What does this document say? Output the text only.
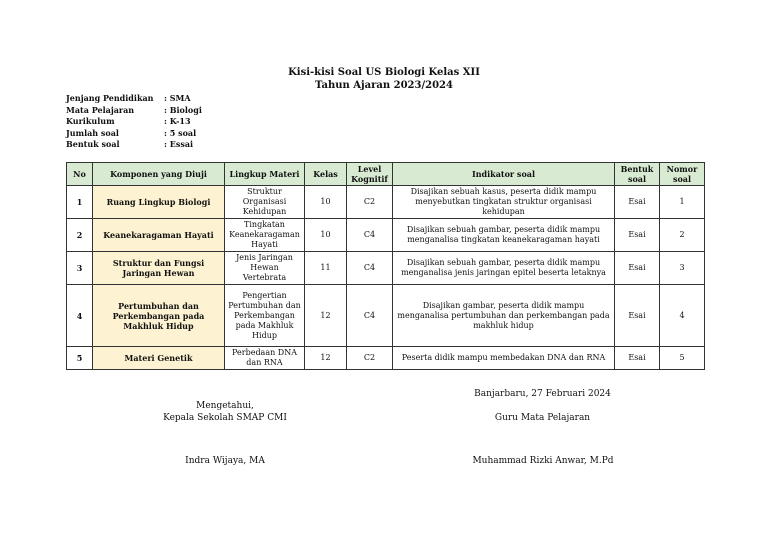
Kisi-kisi Soal US Biologi Kelas XII
Tahun Ajaran 2023/2024
Jenjang Pendidikan	: SMA
Mata Pelajaran	: Biologi
Kurikulum	: K-13
Jumlah soal	: 5 soal
Bentuk soal	: Essai
No	Komponen yang Diuji	Lingkup Materi	Kelas	Level Kognitif	Indikator soal	Bentuk soal	Nomor soal
1	Ruang Lingkup Biologi	Struktur Organisasi Kehidupan	10	C2	Disajikan sebuah kasus, peserta didik mampu menyebutkan tingkatan struktur organisasi kehidupan	Esai	1
2	Keanekaragaman Hayati	Tingkatan Keanekaragaman Hayati	10	C4	Disajikan sebuah gambar, peserta didik mampu menganalisa tingkatan keanekaragaman hayati	Esai	2
3	Struktur dan Fungsi Jaringan Hewan	Jenis Jaringan Hewan Vertebrata	11	C4	Disajikan sebuah gambar, peserta didik mampu menganalisa jenis jaringan epitel beserta letaknya	Esai	3
4	Pertumbuhan dan Perkembangan pada Makhluk Hidup	Pengertian Pertumbuhan dan Perkembangan pada Makhluk Hidup	12	C4	Disajikan gambar, peserta didik mampu menganalisa pertumbuhan dan perkembangan pada makhluk hidup	Esai	4
5	Materi Genetik	Perbedaan DNA dan RNA	12	C2	Peserta didik mampu membedakan DNA dan RNA	Esai	5
Mengetahui,
Kepala Sekolah SMAP CMI
Indra Wijaya, MA
Banjarbaru, 27 Februari 2024
Guru Mata Pelajaran
Muhammad Rizki Anwar, M.Pd
